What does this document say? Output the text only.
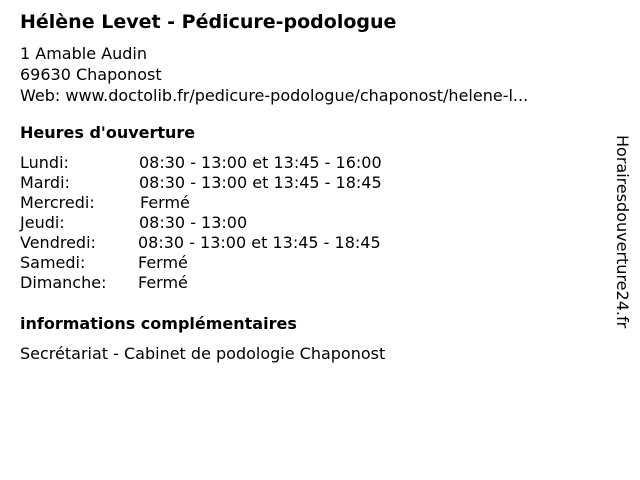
Hélène Levet - Pédicure-podologue
1 Amable Audin
69630 Chaponost
Web: www.doctolib.fr/pedicure-podologue/chaponost/helene-l...
Heures d'ouverture
Lundi:	08:30 - 13:00 et 13:45 - 16:00
Mardi:	08:30 - 13:00 et 13:45 - 18:45
Mercredi:	Fermé
Jeudi:	08:30 - 13:00
Vendredi:	08:30 - 13:00 et 13:45 - 18:45
Samedi:	Fermé
Dimanche: Fermé
informations complémentaires
Secrétariat - Cabinet de podologie Chaponost
Horairesdouverture24.fr
